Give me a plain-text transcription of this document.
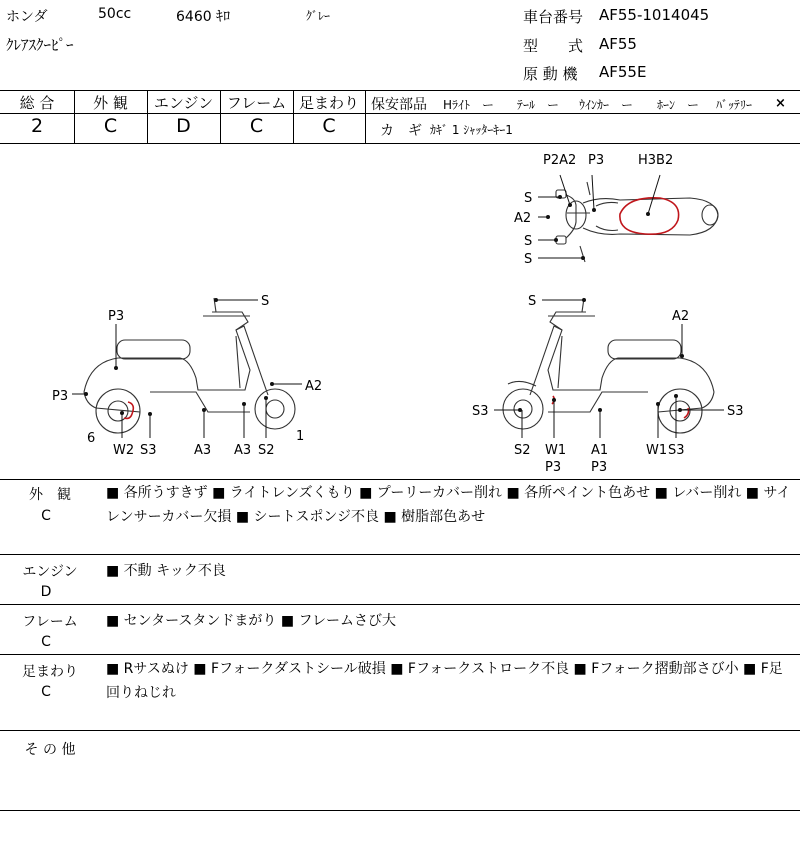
ホンダ	50cc	6460 ｷﾛ	ｸﾞﾚｰ
ｸﾚｱｽｸｰﾋﾟｰ
車台番号 AF55-1014045
型　　式 AF55
原 動 機 AF55E
総 合	外 観	エンジン フレーム 足まわり
2	C	D	C	C
保安部品 Hﾗｲﾄ　ー ﾃｰﾙ　ー ｳｲﾝｶｰ　ー ﾎｰﾝ　ー ﾊﾞｯﾃﾘｰ ×
カ　ギ ｶｷﾞ 1 ｼｬｯﾀｰｷｰ1
P2A2 P3	H3B2
S
A2
S
S
P3
P3
S
A2
6
W2 S3	A3 A3 S2
1
S
A2
S3	S3
S2 W1
P3
A1
P3
W1 S3
外　観
C
■ 各所うすきず ■ ライトレンズくもり ■ プーリーカバー削れ ■ 各所ペイント色あせ ■ レバー削れ ■ サイレンサーカバー欠損 ■ シートスポンジ不良 ■ 樹脂部色あせ
エンジン
D
■ 不動 キック不良
フレーム
C
■ センタースタンドまがり ■ フレームさび大
足まわり
C
■ Rサスぬけ ■ Fフォークダストシール破損 ■ Fフォークストローク不良 ■ Fフォーク摺動部さび小 ■ F足回りねじれ
そ の 他
